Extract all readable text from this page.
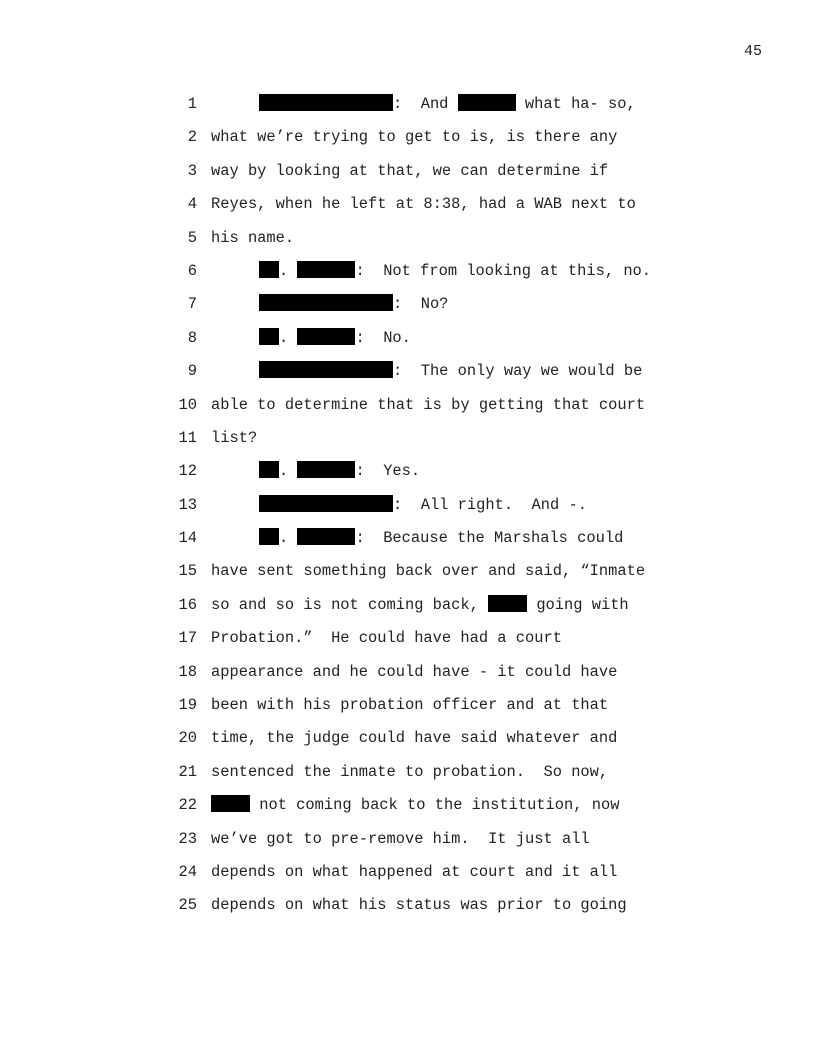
45
1	:  And	what ha- so,
2 what we’re trying to get to is, is there any
3 way by looking at that, we can determine if
4 Reyes, when he left at 8:38, had a WAB next to
5 his name.
6	.	:  Not from looking at this, no.
7	:  No?
8	.	:  No.
9	:  The only way we would be
10 able to determine that is by getting that court
11 list?
12	.	:  Yes.
13	:  All right.  And -.
14	.	:  Because the Marshals could
15 have sent something back over and said, “Inmate
16 so and so is not coming back,	going with
17 Probation.”  He could have had a court
18 appearance and he could have - it could have
19 been with his probation officer and at that
20 time, the judge could have said whatever and
21 sentenced the inmate to probation.  So now,
22	not coming back to the institution, now
23 we’ve got to pre-remove him.  It just all
24 depends on what happened at court and it all
25 depends on what his status was prior to going
